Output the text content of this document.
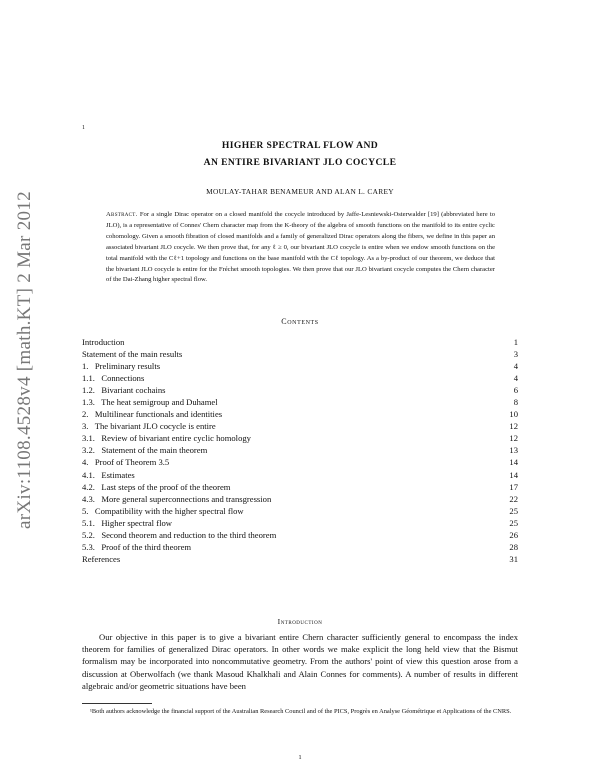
arXiv:1108.4528v4 [math.KT] 2 Mar 2012
1
HIGHER SPECTRAL FLOW AND
AN ENTIRE BIVARIANT JLO COCYCLE
MOULAY-TAHAR BENAMEUR AND ALAN L. CAREY
Abstract. For a single Dirac operator on a closed manifold the cocycle introduced by Jaffe-Lesniewski-Osterwalder [19] (abbreviated here to JLO), is a representative of Connes' Chern character map from the K-theory of the algebra of smooth functions on the manifold to its entire cyclic cohomology. Given a smooth fibration of closed manifolds and a family of generalized Dirac operators along the fibers, we define in this paper an associated bivariant JLO cocycle. We then prove that, for any ℓ ≥ 0, our bivariant JLO cocycle is entire when we endow smooth functions on the total manifold with the Cℓ+1 topology and functions on the base manifold with the Cℓ topology. As a by-product of our theorem, we deduce that the bivariant JLO cocycle is entire for the Fréchet smooth topologies. We then prove that our JLO bivariant cocycle computes the Chern character of the Dai-Zhang higher spectral flow.
Contents
Introduction	1
Statement of the main results	3
1.   Preliminary results	4
1.1.   Connections	4
1.2.   Bivariant cochains	6
1.3.   The heat semigroup and Duhamel	8
2.   Multilinear functionals and identities	10
3.   The bivariant JLO cocycle is entire	12
3.1.   Review of bivariant entire cyclic homology	12
3.2.   Statement of the main theorem	13
4.   Proof of Theorem 3.5	14
4.1.   Estimates	14
4.2.   Last steps of the proof of the theorem	17
4.3.   More general superconnections and transgression	22
5.   Compatibility with the higher spectral flow	25
5.1.   Higher spectral flow	25
5.2.   Second theorem and reduction to the third theorem	26
5.3.   Proof of the third theorem	28
References	31
Introduction
Our objective in this paper is to give a bivariant entire Chern character sufficiently general to encompass the index theorem for families of generalized Dirac operators. In other words we make explicit the long held view that the Bismut formalism may be incorporated into noncommutative geometry. From the authors' point of view this question arose from a discussion at Oberwolfach (we thank Masoud Khalkhali and Alain Connes for comments). A number of results in different algebraic and/or geometric situations have been
¹Both authors acknowledge the financial support of the Australian Research Council and of the PICS, Progrès en Analyse Géométrique et Applications of the CNRS.
1
